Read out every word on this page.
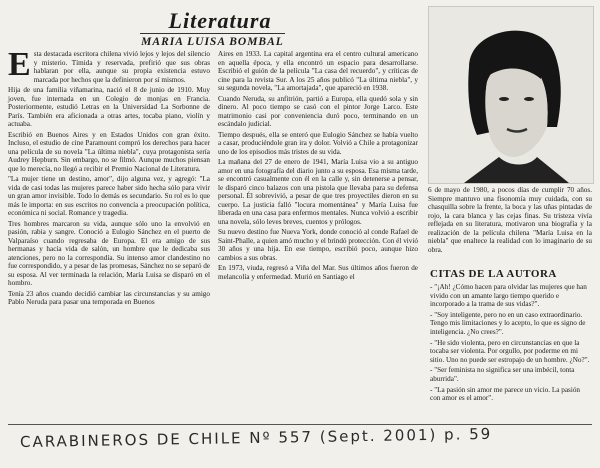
Literatura
MARIA LUISA BOMBAL

Esta destacada escritora chilena vivió lejos y lejos del silencio y misterio. Tímida y reservada, prefirió que sus obras hablaran por ella, aunque su propia existencia estuvo marcada por hechos que la definieron por sí mismos.

Hija de una familia viñamarina, nació el 8 de junio de 1910. Muy joven, fue internada en un Colegio de monjas en Francia. Posteriormente, estudió Letras en la Universidad La Sorbonne de París. También era aficionada a otras artes, tocaba piano, violín y actuaba.

Escribió en Buenos Aires y en Estados Unidos con gran éxito. Incluso, el estudio de cine Paramount compró los derechos para hacer una película de su novela "La última niebla", cuya protagonista sería Audrey Hepburn. Sin embargo, no se filmó. Aunque muchos piensan que lo merecía, no llegó a recibir el Premio Nacional de Literatura.

"La mujer tiene un destino, amor", dijo alguna vez, y agregó: "La vida de casi todas las mujeres parece haber sido hecha sólo para vivir un gran amor invisible. Todo lo demás es secundario. Su rol es lo que más le importa: en sus escritos no convencía a preocupación política, económica ni social. Romance y tragedia.

Tres hombres marcaron su vida, aunque sólo uno la envolvió en pasión, rabia y sangre. Conoció a Eulogio Sánchez en el puerto de Valparaíso cuando regresaba de Europa. El era amigo de sus hermanas y hacía vida de salón, un hombre que le dedicaba sus atenciones, pero no la correspondía. Su intenso amor clandestino no fue correspondido, y a pesar de las promesas, Sánchez no se separó de su esposa. Al ver terminada la relación, María Luisa se disparó en el hombro.

Tenía 23 años cuando decidió cambiar las circunstancias y su amigo Pablo Neruda para pasar una temporada en Buenos

Aires en 1933. La capital argentina era el centro cultural americano en aquella época, y ella encontró un espacio para desarrollarse. Escribió el guión de la película "La casa del recuerdo", y críticas de cine para la revista Sur. A los 25 años publicó "La última niebla", y su segunda novela, "La amortajada", que apareció en 1938.

Cuando Neruda, su anfitrión, partió a Europa, ella quedó sola y sin dinero. Al poco tiempo se casó con el pintor Jorge Larco. Este matrimonio casi por conveniencia duró poco, terminando en un escándalo judicial.

Tiempo después, ella se enteró que Eulogio Sánchez se había vuelto a casar, produciéndole gran ira y dolor. Volvió a Chile a protagonizar uno de los episodios más tristes de su vida.

La mañana del 27 de enero de 1941, María Luisa vio a su antiguo amor en una fotografía del diario junto a su esposa. Esa misma tarde, se encontró casualmente con él en la calle y, sin detenerse a pensar, le disparó cinco balazos con una pistola que llevaba para su defensa personal. Él sobrevivió, a pesar de que tres proyectiles dieron en su cuerpo. La justicia falló "locura momentánea" y María Luisa fue liberada en una casa para enfermos mentales. Nunca volvió a escribir una novela, sólo leves breves, cuentos y prólogos.

Su nuevo destino fue Nueva York, donde conoció al conde Rafael de Saint-Phalle, a quien amó mucho y el brindó protección. Con él vivió 30 años y una hija. En ese tiempo, escribió poco, aunque hizo cambios a sus obras.

En 1973, viuda, regresó a Viña del Mar. Sus últimos años fueron de melancolía y enfermedad. Murió en Santiago el

6 de mayo de 1980, a pocos días de cumplir 70 años. Siempre mantuvo una fisonomía muy cuidada, con su chasquilla sobre la frente, la boca y las uñas pintadas de rojo, la cara blanca y las cejas finas. Su tristeza vivía reflejada en su literatura, motivaron una biografía y la realización de la película chilena "María Luisa en la niebla" que enaltece la realidad con lo imaginario de su obra.
CITAS DE LA AUTORA

- "¡Ah! ¿Cómo hacen para olvidar las mujeres que han vivido con un amante largo tiempo querido e incorporado a la trama de sus vidas?".

- "Soy inteligente, pero no en un caso extraordinario. Tengo mis limitaciones y lo acepto, lo que es signo de inteligencia. ¿No crees?".

- "He sido violenta, pero en circunstancias en que la tocaba ser violenta. Por orgullo, por poderme en mi sitio. Uno no puede ser estropajo de un hombre. ¿No?".

- "Ser feminista no significa ser una imbécil, tonta aburrida".

- "La pasión sin amor me parece un vicio. La pasión con amor es el amor".

CARABINEROS DE CHILE Nº 557 (Sept. 2001) p. 59
